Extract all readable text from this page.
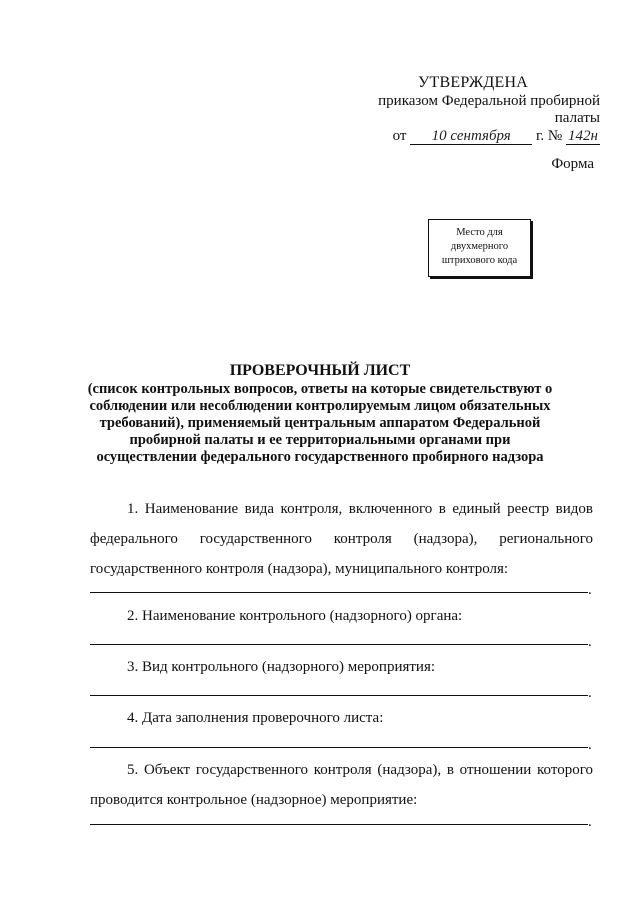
УТВЕРЖДЕНА
приказом Федеральной пробирной палаты
от 10 сентября г. № 142н
Форма
Место для двухмерного штрихового кода
ПРОВЕРОЧНЫЙ ЛИСТ
(список контрольных вопросов, ответы на которые свидетельствуют о соблюдении или несоблюдении контролируемым лицом обязательных требований), применяемый центральным аппаратом Федеральной пробирной палаты и ее территориальными органами при осуществлении федерального государственного пробирного надзора

1. Наименование вида контроля, включенного в единый реестр видов федерального государственного контроля (надзора), регионального государственного контроля (надзора), муниципального контроля:

.

2. Наименование контрольного (надзорного) органа:

.

3. Вид контрольного (надзорного) мероприятия:

.

4. Дата заполнения проверочного листа:

.

5. Объект государственного контроля (надзора), в отношении которого проводится контрольное (надзорное) мероприятие:

.
